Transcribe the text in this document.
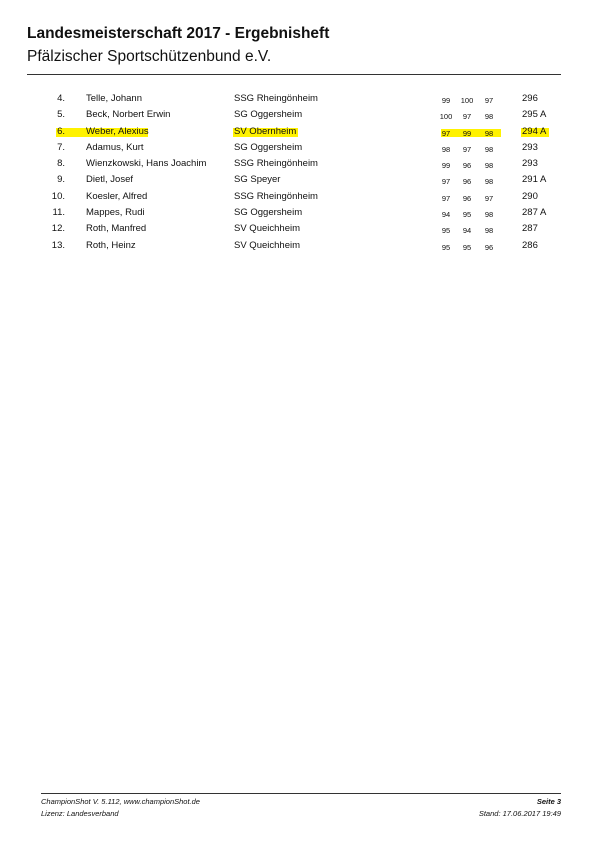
Landesmeisterschaft 2017 - Ergebnisheft
Pfälzischer Sportschützenbund e.V.
4. Telle, Johann	SSG Rheingönheim	99	100	97	296
5. Beck, Norbert Erwin	SG Oggersheim	100	97	98	295 A
6. Weber, Alexius	SV Obernheim	97	99	98	294 A
7. Adamus, Kurt	SG Oggersheim	98	97	98	293
8. Wienzkowski, Hans Joachim	SSG Rheingönheim	99	96	98	293
9. Dietl, Josef	SG Speyer	97	96	98	291 A
10. Koesler, Alfred	SSG Rheingönheim	97	96	97	290
11. Mappes, Rudi	SG Oggersheim	94	95	98	287 A
12. Roth, Manfred	SV Queichheim	95	94	98	287
13. Roth, Heinz	SV Queichheim	95	95	96	286
ChampionShot V. 5.112, www.championShot.de
Lizenz: Landesverband
Seite 3
Stand: 17.06.2017 19:49
